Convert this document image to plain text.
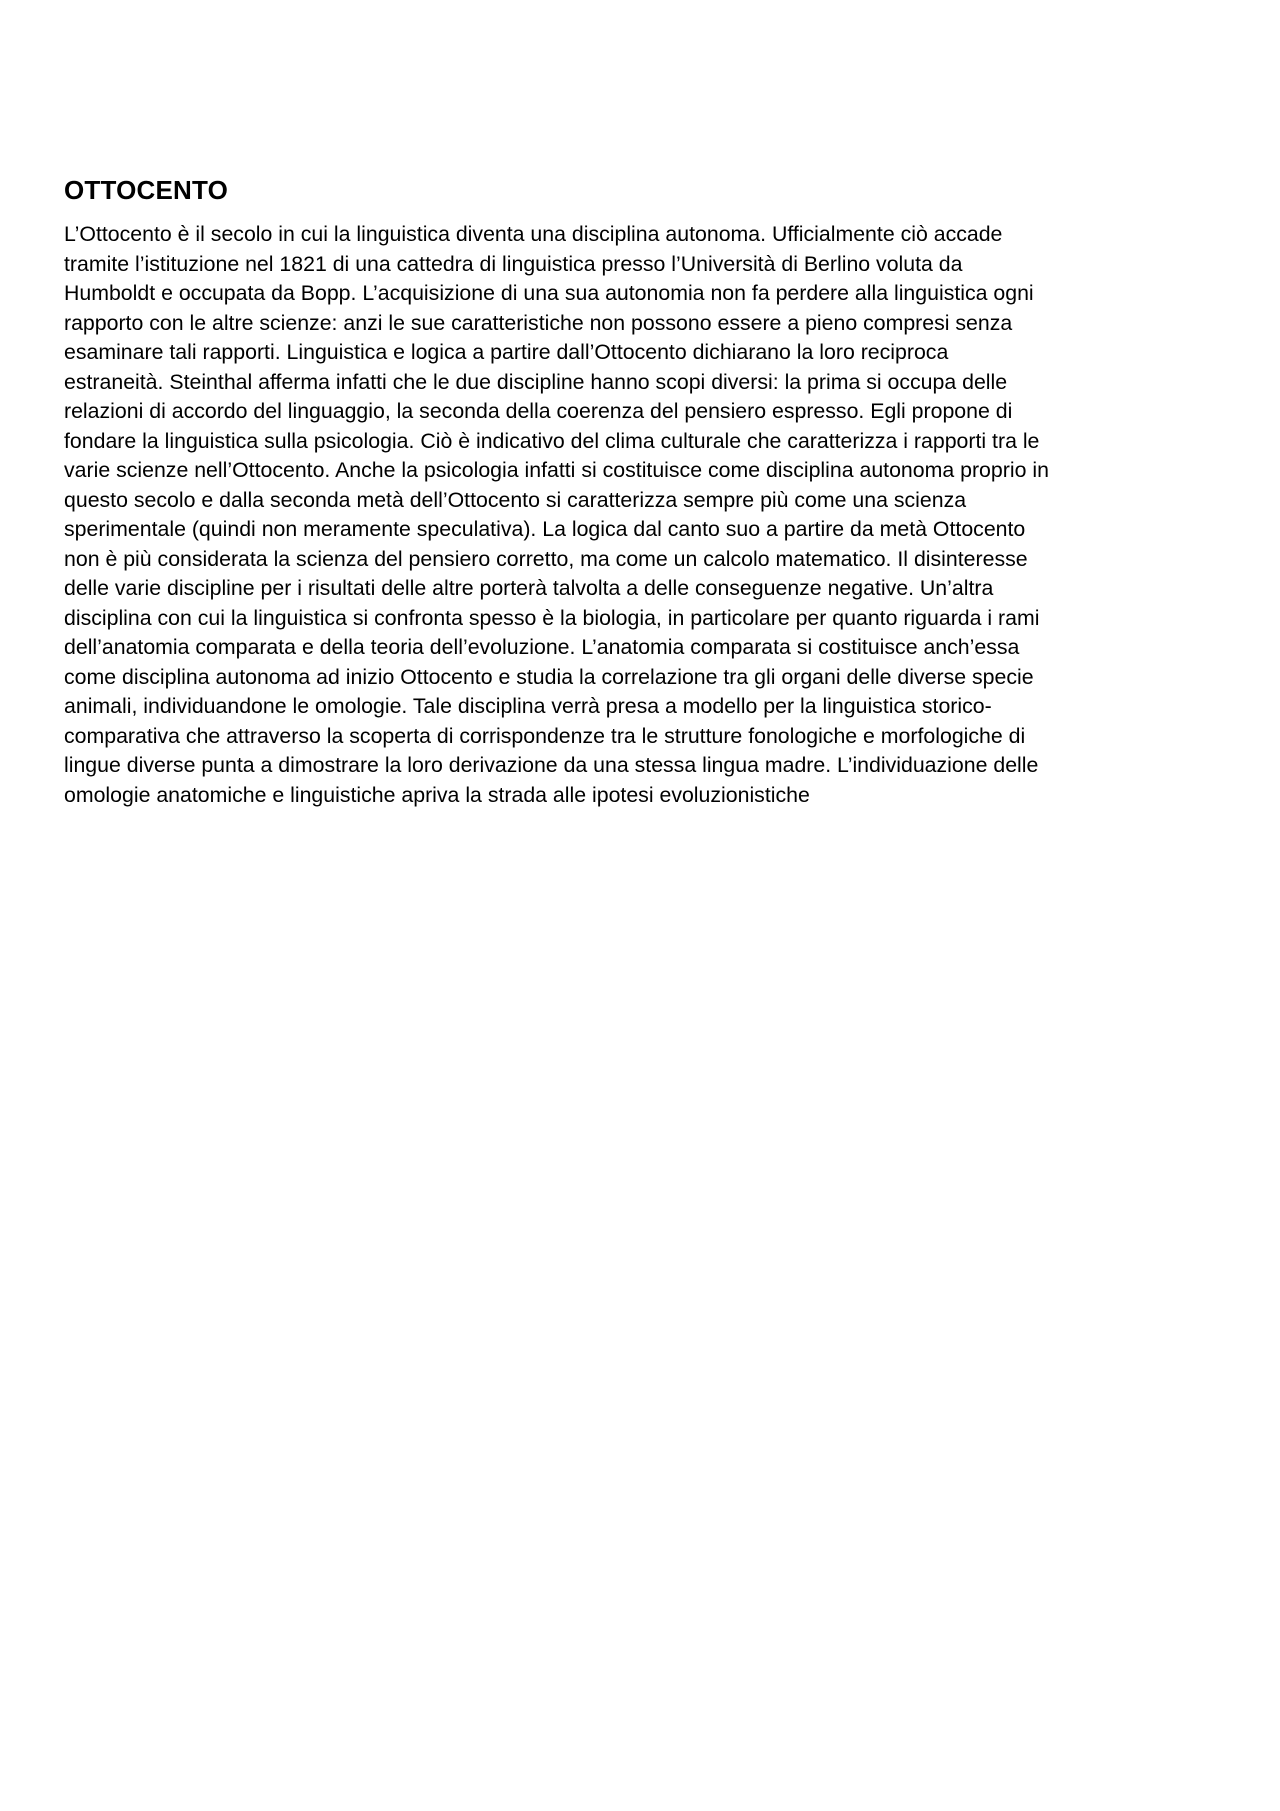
OTTOCENTO

L’Ottocento è il secolo in cui la linguistica diventa una disciplina autonoma. Ufficialmente ciò accade
tramite l’istituzione nel 1821 di una cattedra di linguistica presso l’Università di Berlino voluta da
Humboldt e occupata da Bopp. L’acquisizione di una sua autonomia non fa perdere alla linguistica ogni
rapporto con le altre scienze: anzi le sue caratteristiche non possono essere a pieno compresi senza
esaminare tali rapporti. Linguistica e logica a partire dall’Ottocento dichiarano la loro reciproca
estraneità. Steinthal afferma infatti che le due discipline hanno scopi diversi: la prima si occupa delle
relazioni di accordo del linguaggio, la seconda della coerenza del pensiero espresso. Egli propone di
fondare la linguistica sulla psicologia. Ciò è indicativo del clima culturale che caratterizza i rapporti tra le
varie scienze nell’Ottocento. Anche la psicologia infatti si costituisce come disciplina autonoma proprio in
questo secolo e dalla seconda metà dell’Ottocento si caratterizza sempre più come una scienza
sperimentale (quindi non meramente speculativa). La logica dal canto suo a partire da metà Ottocento
non è più considerata la scienza del pensiero corretto, ma come un calcolo matematico. Il disinteresse
delle varie discipline per i risultati delle altre porterà talvolta a delle conseguenze negative. Un’altra
disciplina con cui la linguistica si confronta spesso è la biologia, in particolare per quanto riguarda i rami
dell’anatomia comparata e della teoria dell’evoluzione. L’anatomia comparata si costituisce anch’essa
come disciplina autonoma ad inizio Ottocento e studia la correlazione tra gli organi delle diverse specie
animali, individuandone le omologie. Tale disciplina verrà presa a modello per la linguistica storico-
comparativa che attraverso la scoperta di corrispondenze tra le strutture fonologiche e morfologiche di
lingue diverse punta a dimostrare la loro derivazione da una stessa lingua madre. L’individuazione delle
omologie anatomiche e linguistiche apriva la strada alle ipotesi evoluzionistiche
